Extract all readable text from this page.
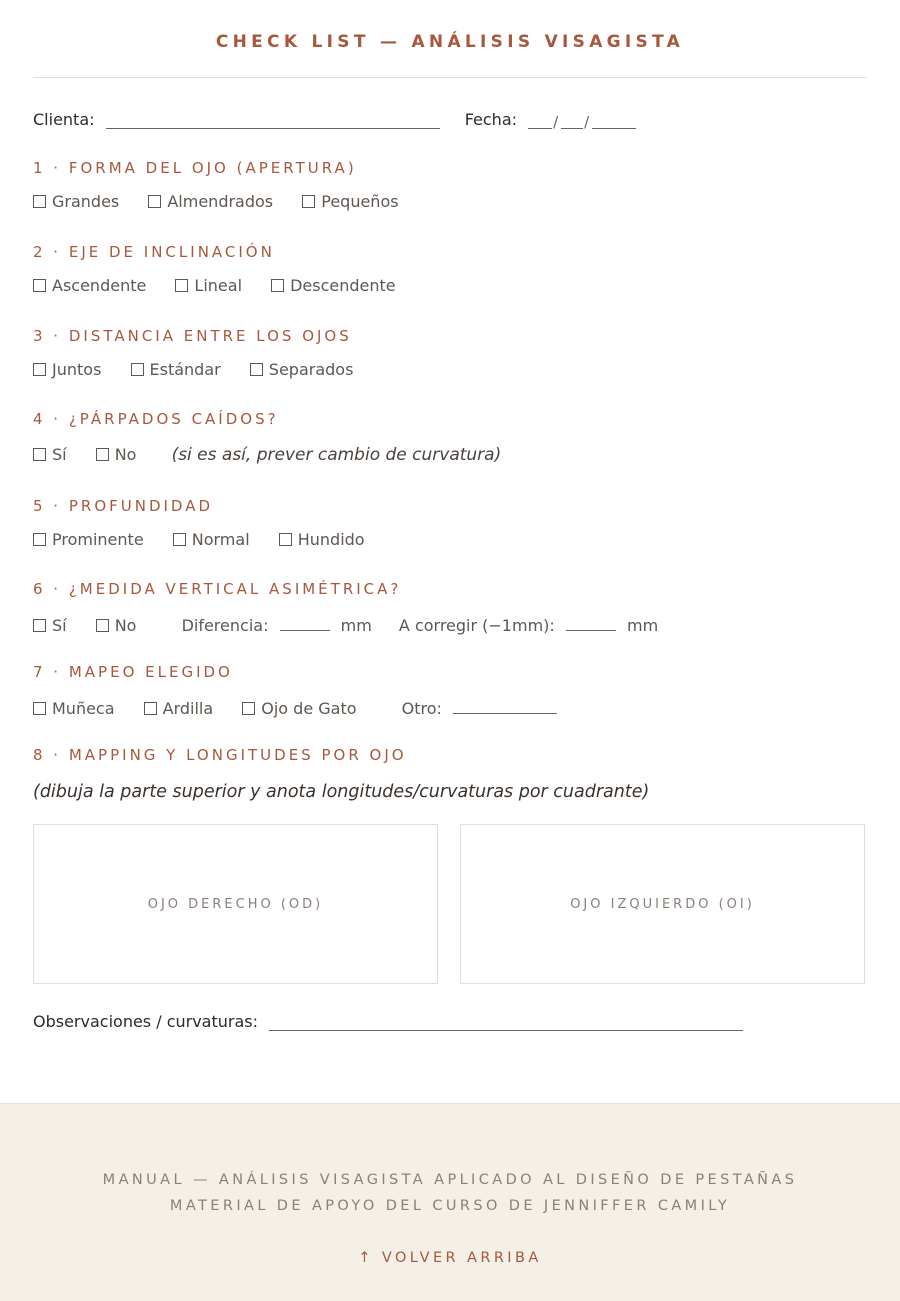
CHECK LIST — ANÁLISIS VISAGISTA
Clienta:	Fecha: / /
1 · FORMA DEL OJO (APERTURA)
Grandes	Almendrados	Pequeños
2 · EJE DE INCLINACIÓN
Ascendente	Lineal	Descendente
3 · DISTANCIA ENTRE LOS OJOS
Juntos	Estándar	Separados
4 · ¿PÁRPADOS CAÍDOS?
Sí	No (si es así, prever cambio de curvatura)
5 · PROFUNDIDAD
Prominente	Normal	Hundido
6 · ¿MEDIDA VERTICAL ASIMÉTRICA?
Sí	No	Diferencia:	mm A corregir (−1mm):	mm
7 · MAPEO ELEGIDO
Muñeca	Ardilla	Ojo de Gato	Otro:
8 · MAPPING Y LONGITUDES POR OJO
(dibuja la parte superior y anota longitudes/curvaturas por cuadrante)
OJO DERECHO (OD)	OJO IZQUIERDO (OI)
Observaciones / curvaturas:
MANUAL — ANÁLISIS VISAGISTA APLICADO AL DISEÑO DE PESTAÑAS
MATERIAL DE APOYO DEL CURSO DE JENNIFFER CAMILY
↑ VOLVER ARRIBA
